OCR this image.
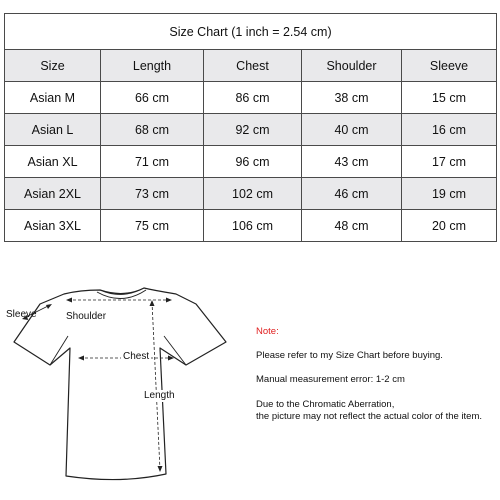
Size Chart (1 inch = 2.54 cm)				
Size	Length	Chest	Shoulder	Sleeve
Asian M	66 cm	86 cm	38 cm	15 cm
Asian L	68 cm	92 cm	40 cm	16 cm
Asian XL	71 cm	96 cm	43 cm	17 cm
Asian 2XL	73 cm	102 cm	46 cm	19 cm
Asian 3XL	75 cm	106 cm	48 cm	20 cm
Sleeve	Shoulder
Chest
Length

Note:

Please refer to my Size Chart before buying.

Manual measurement error: 1-2 cm

Due to the Chromatic Aberration,

the picture may not reflect the actual color of the item.
